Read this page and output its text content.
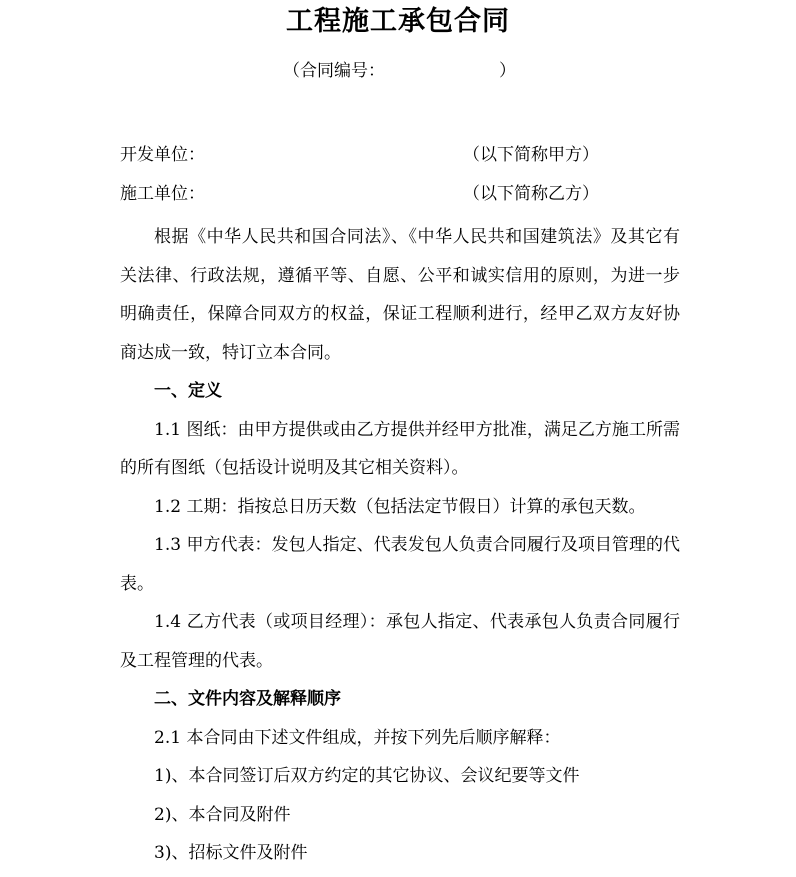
工程施工承包合同
（合同编号：	）
开发单位：	（以下简称甲方）
施工单位：	（以下简称乙方）

根据《中华人民共和国合同法》、《中华人民共和国建筑法》及其它有关法律、行政法规，遵循平等、自愿、公平和诚实信用的原则，为进一步明确责任，保障合同双方的权益，保证工程顺利进行，经甲乙双方友好协商达成一致，特订立本合同。

一、定义

1.1 图纸：由甲方提供或由乙方提供并经甲方批准，满足乙方施工所需的所有图纸（包括设计说明及其它相关资料）。

1.2 工期：指按总日历天数（包括法定节假日）计算的承包天数。

1.3 甲方代表：发包人指定、代表发包人负责合同履行及项目管理的代表。

1.4 乙方代表（或项目经理）：承包人指定、代表承包人负责合同履行及工程管理的代表。

二、文件内容及解释顺序

2.1 本合同由下述文件组成，并按下列先后顺序解释：

1)、本合同签订后双方约定的其它协议、会议纪要等文件

2)、本合同及附件

3)、招标文件及附件
